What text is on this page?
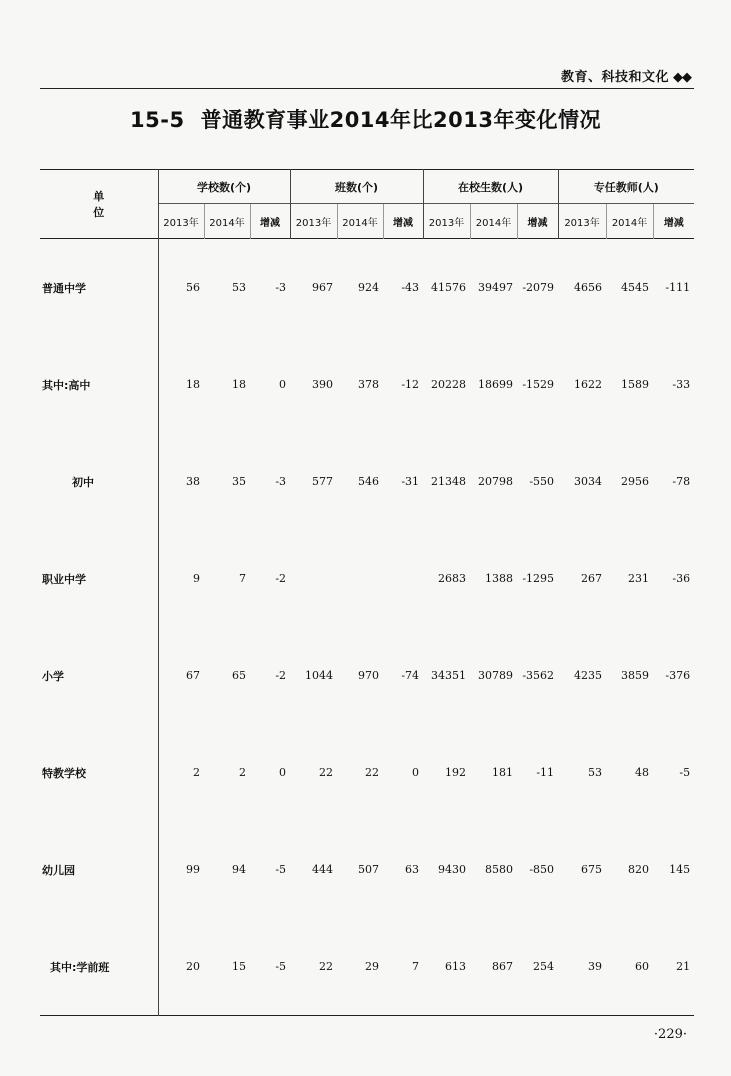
教育、科技和文化 ◆◆
15-5 普通教育事业2014年比2013年变化情况
单 位	学校数(个)			班数(个)			在校生数(人)			专任教师(人)		
	2013年	2014年	增减	2013年	2014年	增减	2013年	2014年	增减	2013年	2014年	增减
普通中学	56	53	-3	967	924	-43	41576	39497	-2079	4656	4545	-111
其中:高中	18	18	0	390	378	-12	20228	18699	-1529	1622	1589	-33
初中	38	35	-3	577	546	-31	21348	20798	-550	3034	2956	-78
职业中学	9	7	-2				2683	1388	-1295	267	231	-36
小学	67	65	-2	1044	970	-74	34351	30789	-3562	4235	3859	-376
特教学校	2	2	0	22	22	0	192	181	-11	53	48	-5
幼儿园	99	94	-5	444	507	63	9430	8580	-850	675	820	145
其中:学前班	20	15	-5	22	29	7	613	867	254	39	60	21
·229·
